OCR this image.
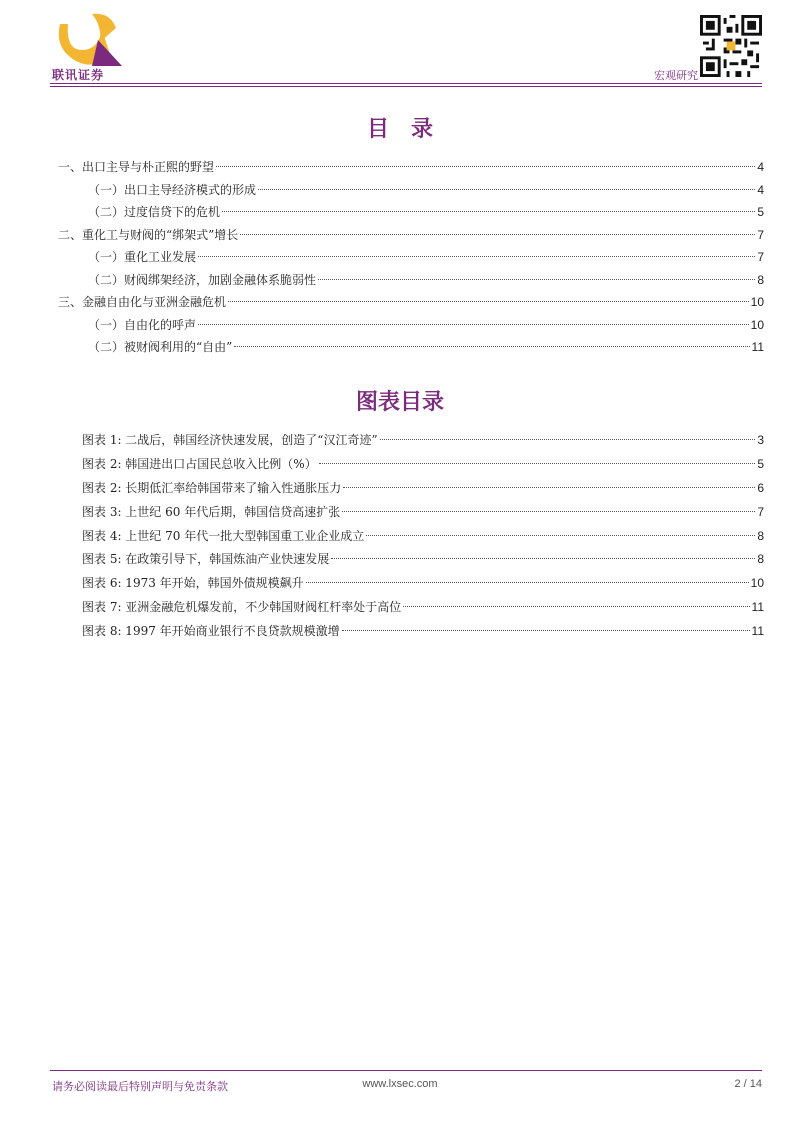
联讯证券	宏观研究
目　录
一、出口主导与朴正熙的野望	4
（一）出口主导经济模式的形成	4
（二）过度信贷下的危机	5
二、重化工与财阀的“绑架式”增长	7
（一）重化工业发展	7
（二）财阀绑架经济，加剧金融体系脆弱性	8
三、金融自由化与亚洲金融危机	10
（一）自由化的呼声	10
（二）被财阀利用的“自由”	11
图表目录
图表 1: 二战后，韩国经济快速发展，创造了“汉江奇迹”	3
图表 2: 韩国进出口占国民总收入比例（%）	5
图表 2: 长期低汇率给韩国带来了输入性通胀压力	6
图表 3: 上世纪 60 年代后期，韩国信贷高速扩张	7
图表 4: 上世纪 70 年代一批大型韩国重工业企业成立	8
图表 5: 在政策引导下，韩国炼油产业快速发展	8
图表 6: 1973 年开始，韩国外债规模飙升	10
图表 7: 亚洲金融危机爆发前，不少韩国财阀杠杆率处于高位	11
图表 8: 1997 年开始商业银行不良贷款规模激增	11
请务必阅读最后特别声明与免责条款	www.lxsec.com	2 / 14
